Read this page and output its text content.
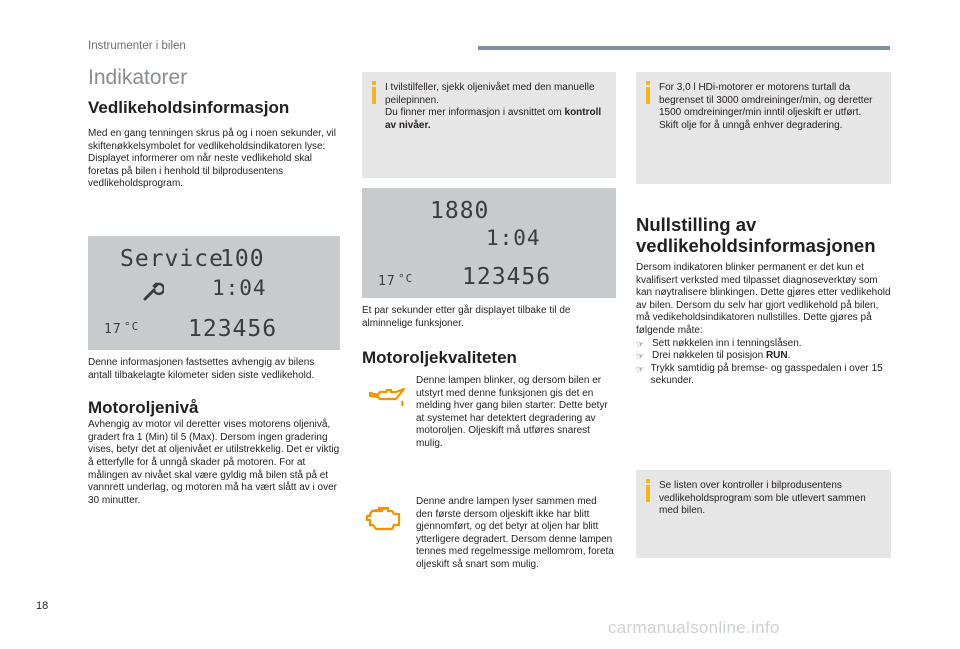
Instrumenter i bilen
Indikatorer
Vedlikeholdsinformasjon

Med en gang tenningen skrus på og i noen sekunder, vil skiftenøkkelsymbolet for vedlikeholdsindikatoren lyse: Displayet informerer om når neste vedlikehold skal foretas på bilen i henhold til bilprodusentens vedlikeholdsprogram.

Service
100
1:04
17 °C 123456

Denne informasjonen fastsettes avhengig av bilens antall tilbakelagte kilometer siden siste vedlikehold.

Motoroljenivå

Avhengig av motor vil deretter vises motorens oljenivå, gradert fra 1 (Min) til 5 (Max). Dersom ingen gradering vises, betyr det at oljenivået er utilstrekkelig. Det er viktig å etterfylle for å unngå skader på motoren. For at målingen av nivået skal være gyldig må bilen stå på et vannrett underlag, og motoren må ha vært slått av i over 30 minutter.

I tvilstilfeller, sjekk oljenivået med den manuelle peilepinnen.

Du finner mer informasjon i avsnittet om kontroll av nivåer.

1880
1:04
17 °C 123456

Et par sekunder etter går displayet tilbake til de alminnelige funksjoner.

Motoroljekvaliteten

Denne lampen blinker, og dersom bilen er utstyrt med denne funksjonen gis det en melding hver gang bilen starter: Dette betyr at systemet har detektert degradering av motoroljen. Oljeskift må utføres snarest mulig.

Denne andre lampen lyser sammen med den første dersom oljeskift ikke har blitt gjennomført, og det betyr at oljen har blitt ytterligere degradert. Dersom denne lampen tennes med regelmessige mellomrom, foreta oljeskift så snart som mulig.

For 3,0 l HDi-motorer er motorens turtall da begrenset til 3000 omdreininger/min, og deretter 1500 omdreininger/min inntil oljeskift er utført. Skift olje for å unngå enhver degradering.

Nullstilling av
vedlikeholdsinformasjonen

Dersom indikatoren blinker permanent er det kun et kvalifisert verksted med tilpasset diagnoseverktøy som kan nøytralisere blinkingen. Dette gjøres etter vedlikehold av bilen. Dersom du selv har gjort vedlikehold på bilen, må vedikeholdsindikatoren nullstilles. Dette gjøres på følgende måte:

☞ Sett nøkkelen inn i tenningslåsen.
☞ Drei nøkkelen til posisjon RUN.
☞ Trykk samtidig på bremse- og gasspedalen i over 15 sekunder.

Se listen over kontroller i bilprodusentens vedlikeholdsprogram som ble utlevert sammen med bilen.

18
carmanualsonline.info
